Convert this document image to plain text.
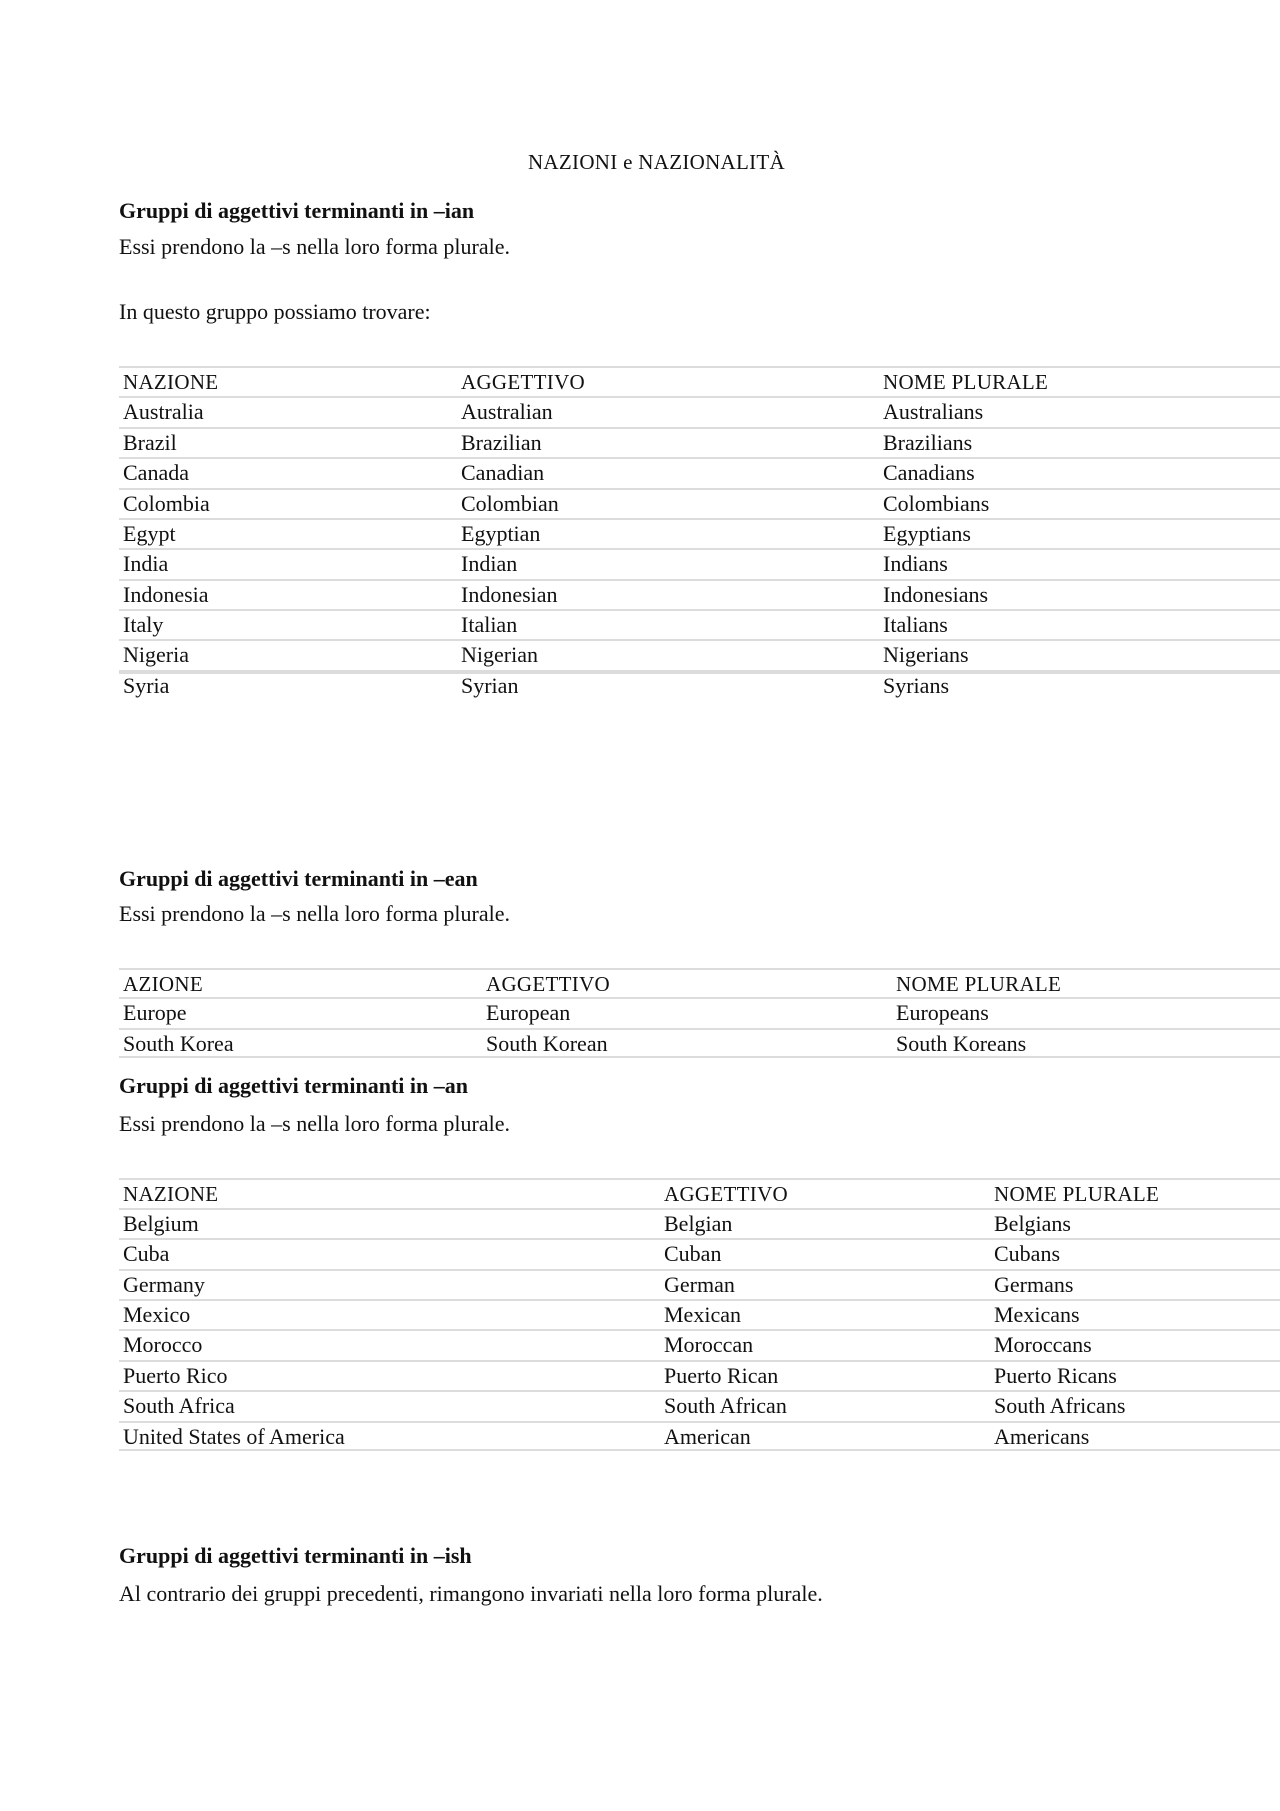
NAZIONI e NAZIONALITÀ
Gruppi di aggettivi terminanti in –ian
Essi prendono la –s nella loro forma plurale.
In questo gruppo possiamo trovare:
NAZIONE	AGGETTIVO	NOME PLURALE
Australia	Australian	Australians
Brazil	Brazilian	Brazilians
Canada	Canadian	Canadians
Colombia	Colombian	Colombians
Egypt	Egyptian	Egyptians
India	Indian	Indians
Indonesia	Indonesian	Indonesians
Italy	Italian	Italians
Nigeria	Nigerian	Nigerians
Syria	Syrian	Syrians
Gruppi di aggettivi terminanti in –ean
Essi prendono la –s nella loro forma plurale.
AZIONE	AGGETTIVO	NOME PLURALE
Europe	European	Europeans
South Korea	South Korean	South Koreans
Gruppi di aggettivi terminanti in –an
Essi prendono la –s nella loro forma plurale.
NAZIONE	AGGETTIVO	NOME PLURALE
Belgium	Belgian	Belgians
Cuba	Cuban	Cubans
Germany	German	Germans
Mexico	Mexican	Mexicans
Morocco	Moroccan	Moroccans
Puerto Rico	Puerto Rican	Puerto Ricans
South Africa	South African	South Africans
United States of America	American	Americans
Gruppi di aggettivi terminanti in –ish
Al contrario dei gruppi precedenti, rimangono invariati nella loro forma plurale.
